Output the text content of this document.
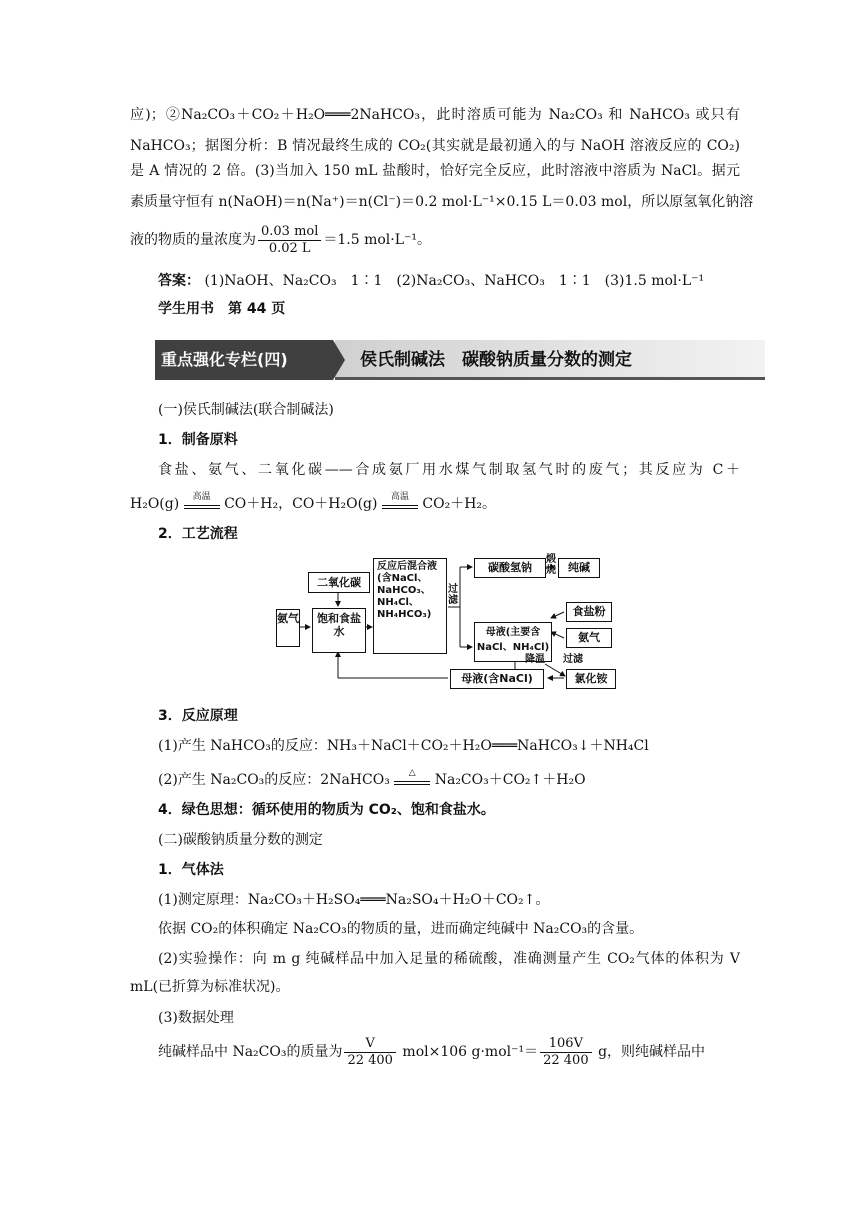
应)；②Na₂CO₃＋CO₂＋H₂O═══2NaHCO₃，此时溶质可能为 Na₂CO₃ 和 NaHCO₃ 或只有
NaHCO₃；据图分析：B 情况最终生成的 CO₂(其实就是最初通入的与 NaOH 溶液反应的 CO₂)
是 A 情况的 2 倍。(3)当加入 150 mL 盐酸时，恰好完全反应，此时溶液中溶质为 NaCl。据元
素质量守恒有 n(NaOH)＝n(Na⁺)＝n(Cl⁻)＝0.2 mol·L⁻¹×0.15 L＝0.03 mol，所以原氢氧化钠溶
液的物质的量浓度为 $\frac{\text{0.03 mol}}{0.02 L} =1.5$ mol·L⁻¹。
答案： (1)NaOH、Na₂CO₃　1∶1　(2)Na₂CO₃、NaHCO₃　1∶1　(3)1.5 mol·L⁻¹
学生用书　第 44 页
重点强化专栏(四)	侯氏制碱法　碳酸钠质量分数的测定
(一)侯氏制碱法(联合制碱法)
1．制备原料
食盐、氨气、二氧化碳——合成氨厂用水煤气制取氢气时的废气；其反应为 C＋
H₂O(g)	高温 CO＋H₂，CO＋H₂O(g)	高温 CO₂＋H₂。
2．工艺流程
二氧化碳
氨气	饱和食盐水
反应后混合液(含NaCl、NaHCO₃、NH₄Cl、NH₄HCO₃)
过滤
碳酸氢钠
煅烧	纯碱
母液(主要含NaCl、NH₄Cl)
食盐粉
氨气
降温 过滤
母液(含NaCl)	氯化铵
3．反应原理
(1)产生 NaHCO₃的反应：NH₃＋NaCl＋CO₂＋H₂O═══NaHCO₃↓＋NH₄Cl
(2)产生 Na₂CO₃的反应：2NaHCO₃	△	Na₂CO₃＋CO₂↑＋H₂O
4．绿色思想：循环使用的物质为 CO₂、饱和食盐水。
(二)碳酸钠质量分数的测定
1．气体法
(1)测定原理：Na₂CO₃＋H₂SO₄═══Na₂SO₄＋H₂O＋CO₂↑。
依据 CO₂的体积确定 Na₂CO₃的物质的量，进而确定纯碱中 Na₂CO₃的含量。
(2)实验操作：向 m g 纯碱样品中加入足量的稀硫酸，准确测量产生 CO₂气体的体积为 V
mL(已折算为标准状况)。
(3)数据处理
纯碱样品中 Na₂CO₃的质量为 $\frac{V}{22 400} mol\times 106$ $g\cdot mol^{-1}= \frac{106V}{22 400}$ g，则纯碱样品中
